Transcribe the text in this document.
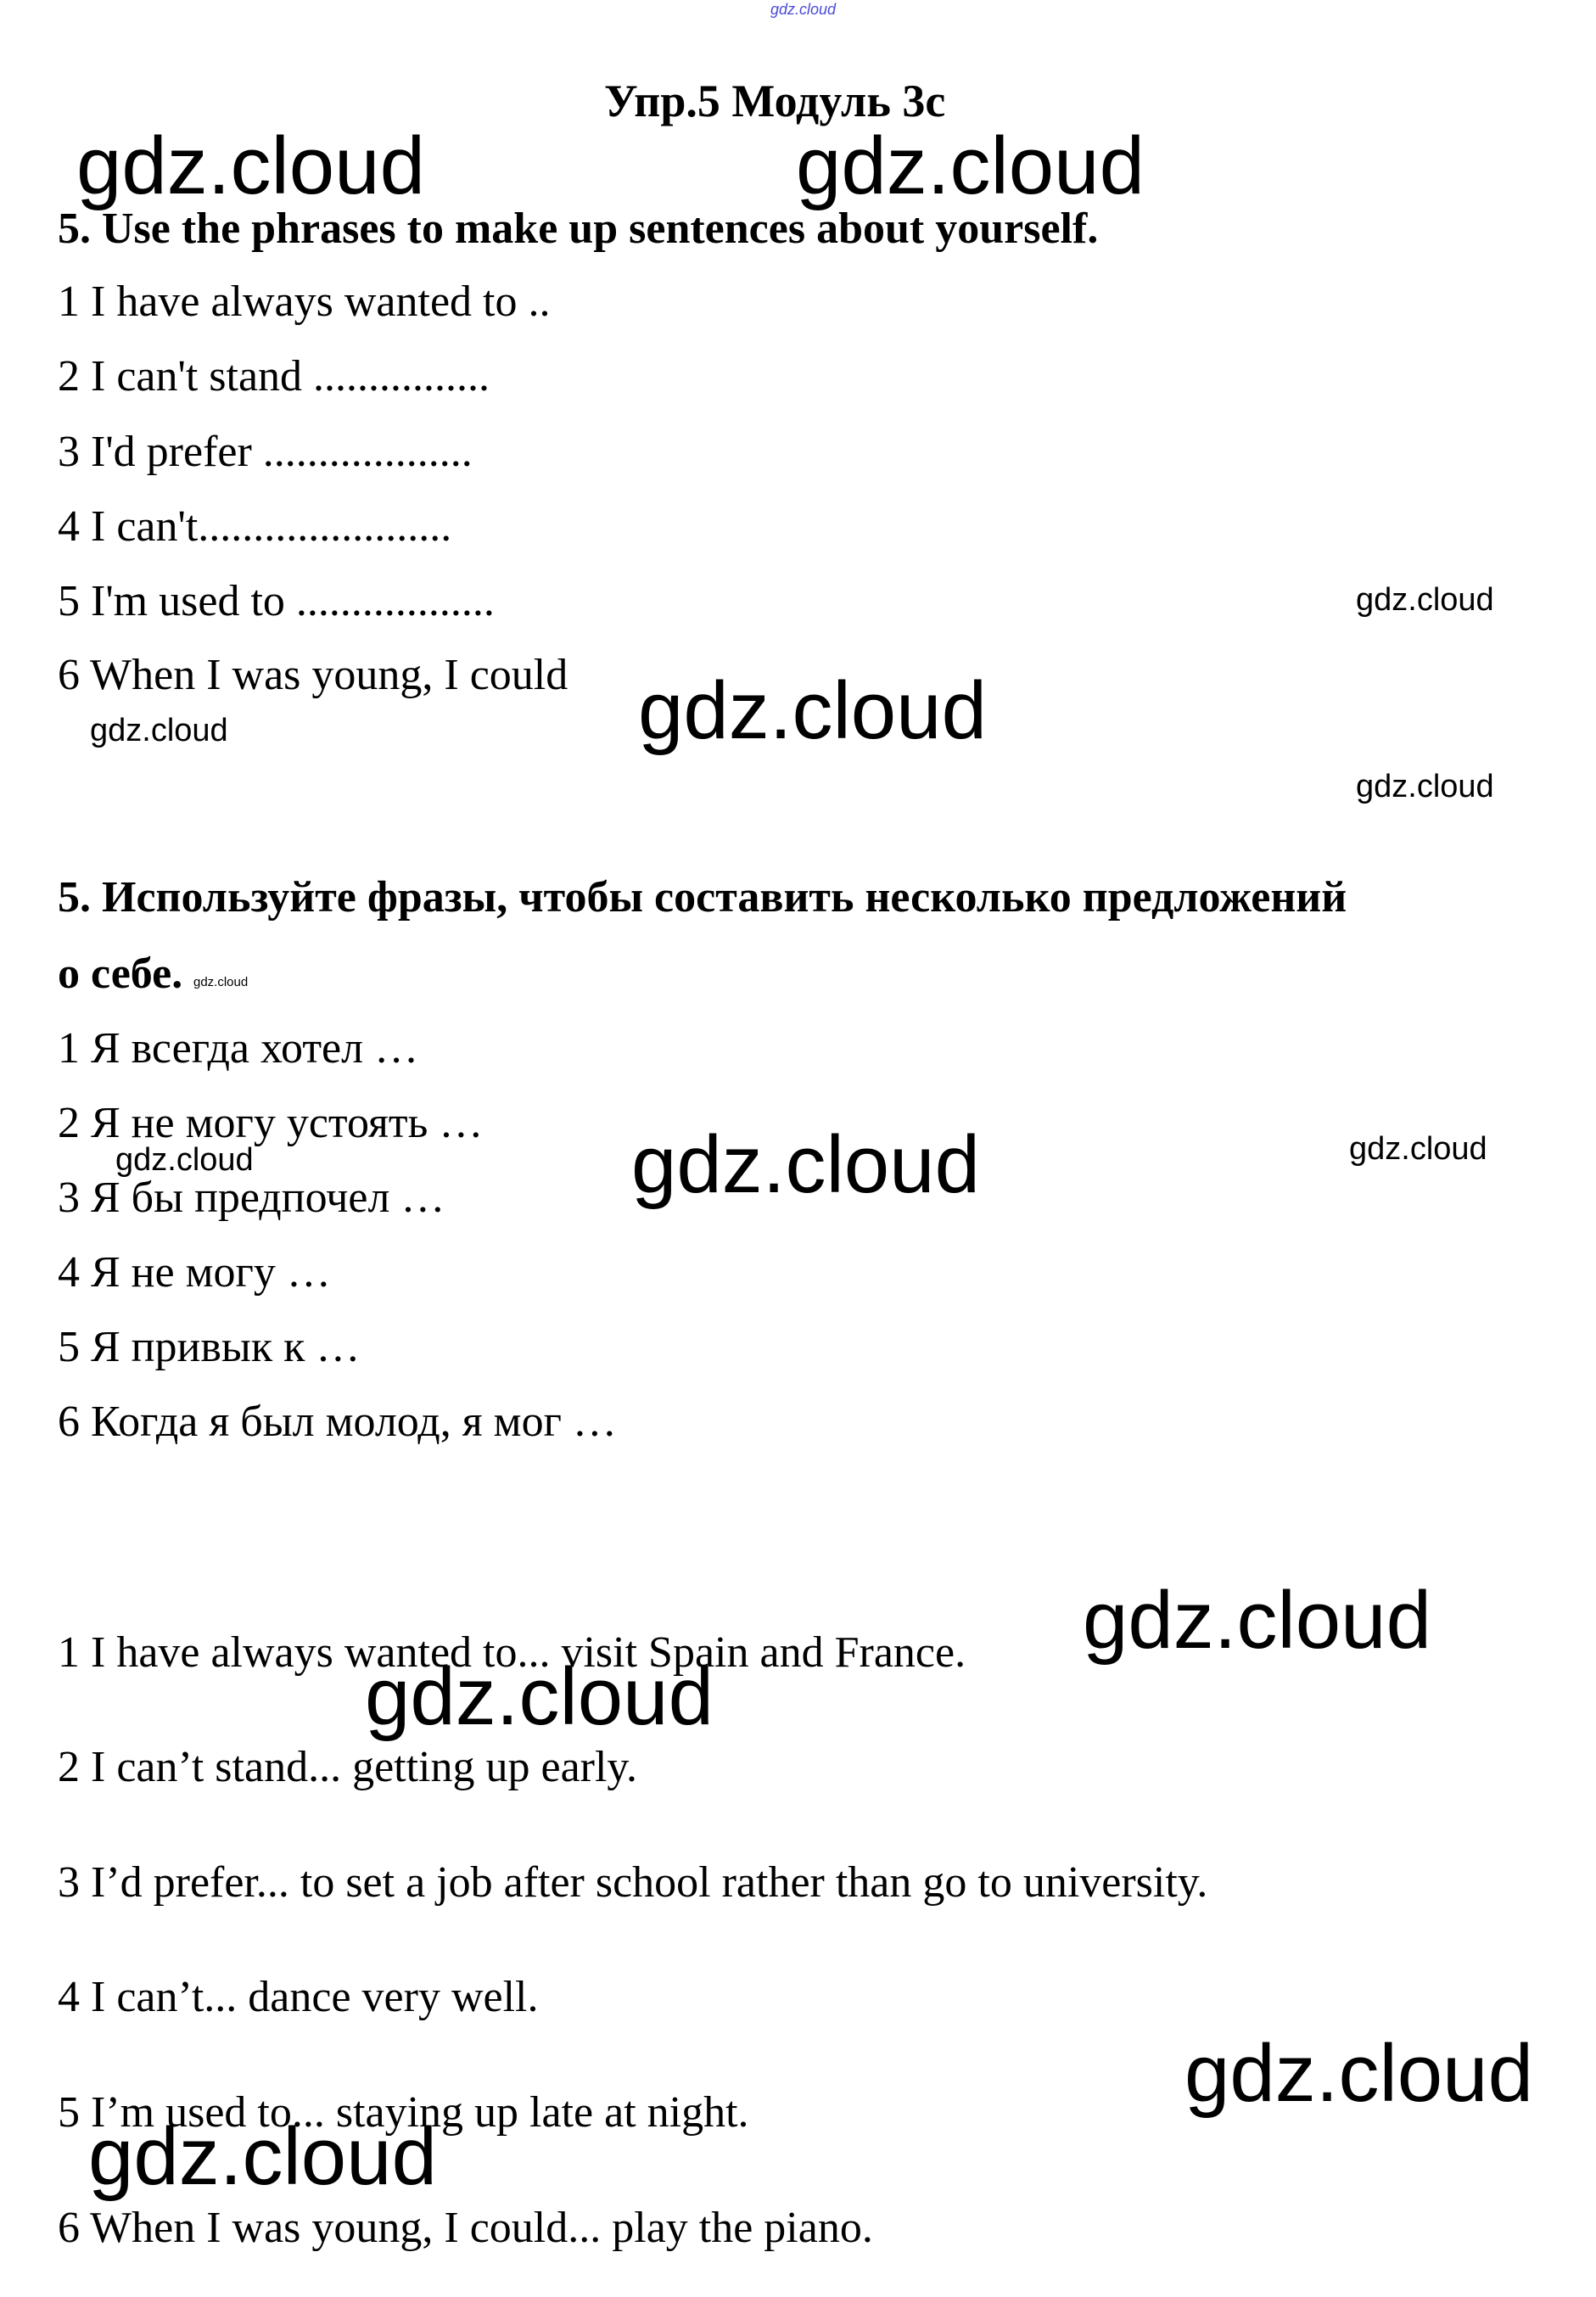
gdz.cloud
Упр.5 Модуль 3с
5. Use the phrases to make up sentences about yourself.
1 I have always wanted to ..
2 I can't stand ................
3 I'd prefer ...................
4 I can't.......................
5 I'm used to ..................
6 When I was young, I could
5. Используйте фразы, чтобы составить несколько предложений
о себе.
1 Я всегда хотел …
2 Я не могу устоять …
3 Я бы предпочел …
4 Я не могу …
5 Я привык к …
6 Когда я был молод, я мог …
1 I have always wanted to... visit Spain and France.
2 I can’t stand... getting up early.
3 I’d prefer... to set a job after school rather than go to university.
4 I can’t... dance very well.
5 I’m used to... staying up late at night.
6 When I was young, I could... play the piano.
gdz.cloud	gdz.cloud
gdz.cloud
gdz.cloud
gdz.cloud
gdz.cloud
gdz.cloud
gdz.cloud	gdz.cloud
gdz.cloud
gdz.cloud
gdz.cloud
gdz.cloud
gdz.cloud
